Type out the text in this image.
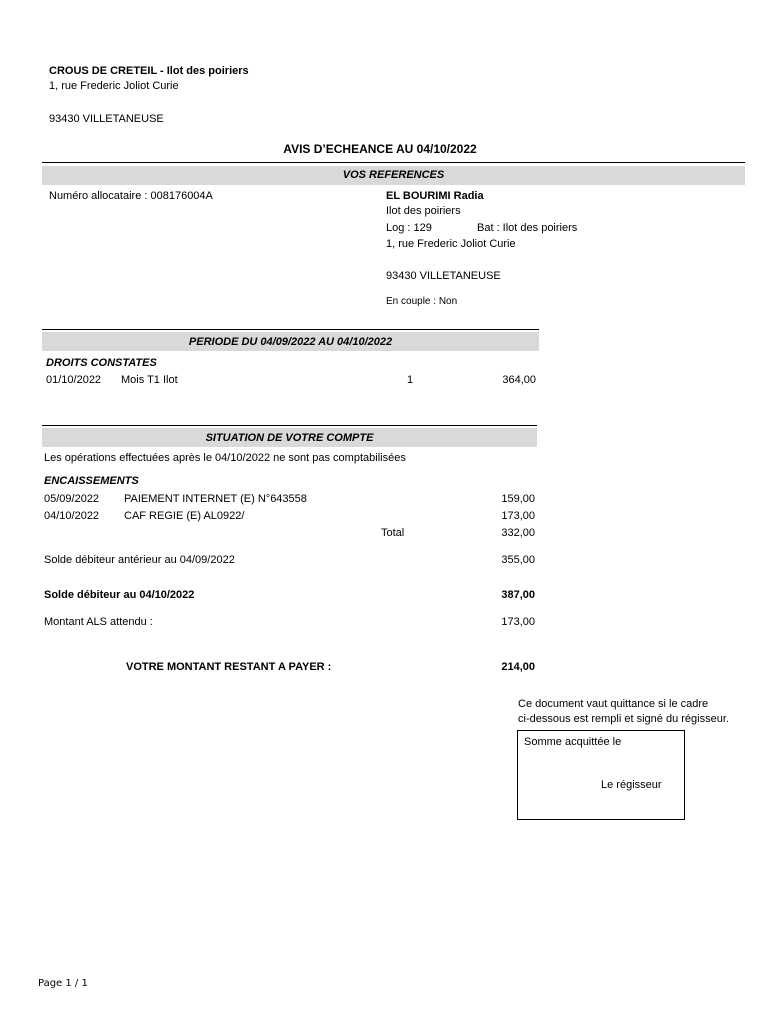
CROUS DE CRETEIL - Ilot des poiriers
1, rue Frederic Joliot Curie
93430 VILLETANEUSE
AVIS D’ECHEANCE AU 04/10/2022
VOS REFERENCES
Numéro allocataire : 008176004A	EL BOURIMI Radia
Ilot des poiriers
Log : 129	Bat : Ilot des poiriers
1, rue Frederic Joliot Curie
93430 VILLETANEUSE
En couple : Non
PERIODE DU 04/09/2022 AU 04/10/2022
DROITS CONSTATES
01/10/2022 Mois T1 Ilot	1	364,00
SITUATION DE VOTRE COMPTE
Les opérations effectuées après le 04/10/2022 ne sont pas comptabilisées
ENCAISSEMENTS
05/09/2022 PAIEMENT INTERNET (E) N°643558	159,00
04/10/2022 CAF REGIE (E) AL0922/	173,00
Total	332,00
Solde débiteur antérieur au 04/09/2022	355,00
Solde débiteur au 04/10/2022	387,00
Montant ALS attendu :	173,00
VOTRE MONTANT RESTANT A PAYER :	214,00
Ce document vaut quittance si le cadre
ci-dessous est rempli et signé du régisseur.
Somme acquittée le
Le régisseur
Page 1 / 1
